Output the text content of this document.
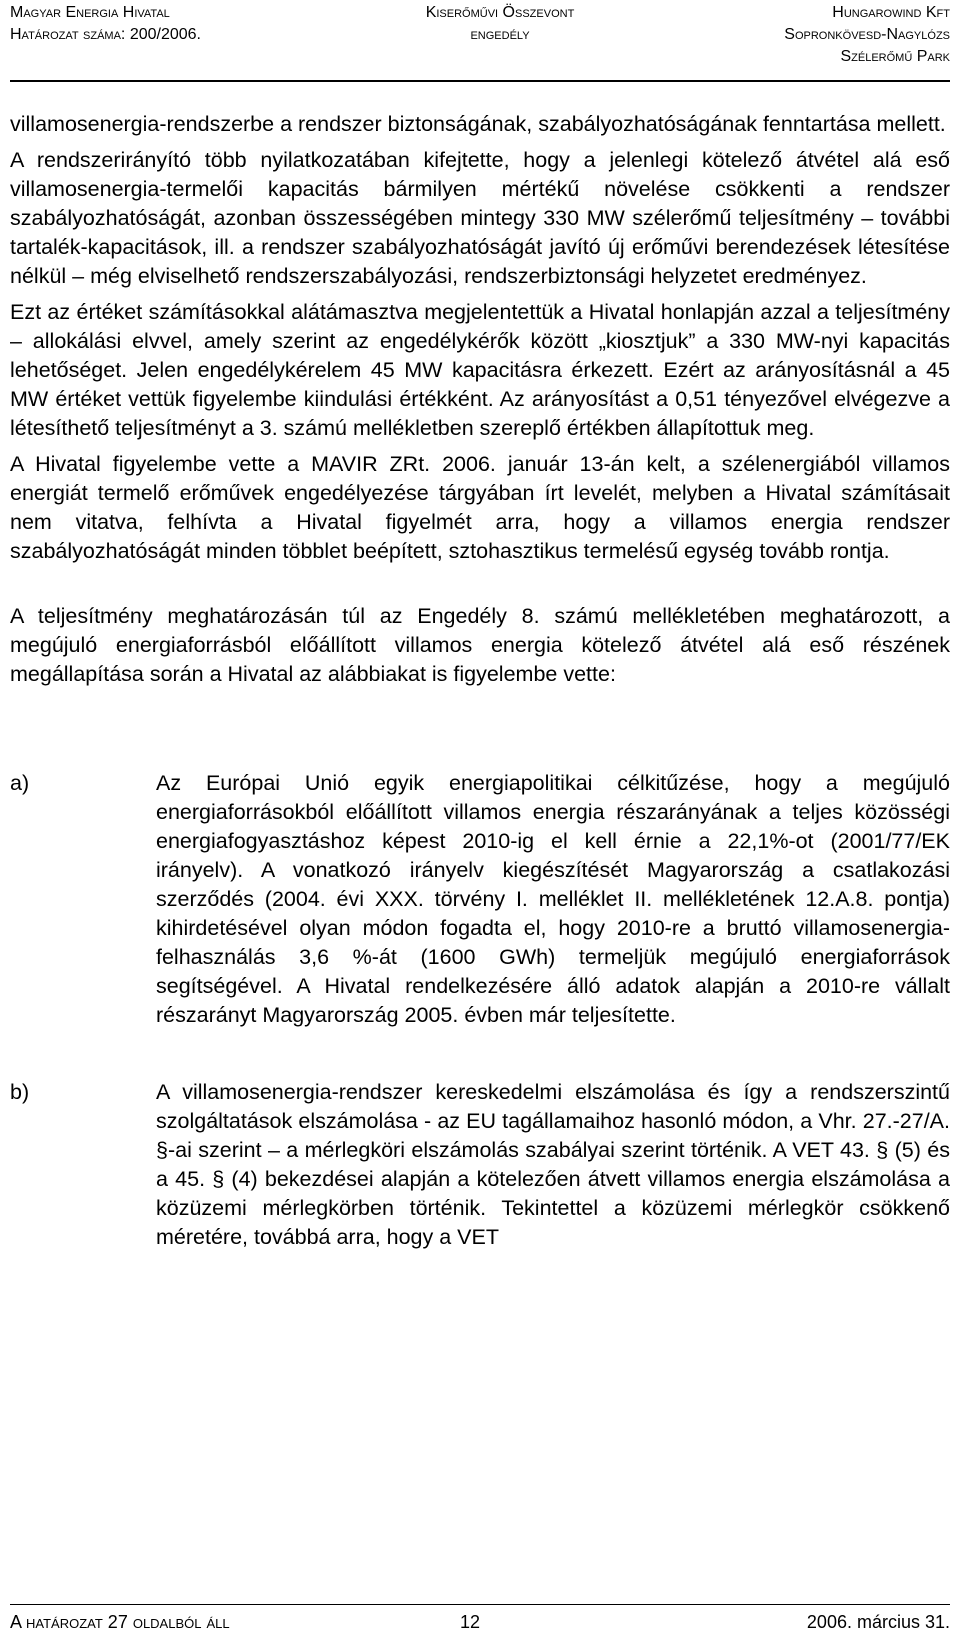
Magyar Energia Hivatal
Határozat száma: 200/2006.
Kiserőművi Összevont
engedély
Hungarowind Kft
Sopronkövesd-Nagylózs
Szélerőmű Park

villamosenergia-rendszerbe a rendszer biztonságának, szabályozhatóságának fenntartása mellett.

A rendszerirányító több nyilatkozatában kifejtette, hogy a jelenlegi kötelező átvétel alá eső villamosenergia-termelői kapacitás bármilyen mértékű növelése csökkenti a rendszer szabályozhatóságát, azonban összességében mintegy 330 MW szélerőmű teljesítmény – további tartalék-kapacitások, ill. a rendszer szabályozhatóságát javító új erőművi berendezések létesítése nélkül – még elviselhető rendszerszabályozási, rendszerbiztonsági helyzetet eredményez.

Ezt az értéket számításokkal alátámasztva megjelentettük a Hivatal honlapján azzal a teljesítmény – allokálási elvvel, amely szerint az engedélykérők között „kiosztjuk” a 330 MW-nyi kapacitás lehetőséget. Jelen engedélykérelem 45 MW kapacitásra érkezett. Ezért az arányosításnál a 45 MW értéket vettük figyelembe kiindulási értékként. Az arányosítást a 0,51 tényezővel elvégezve a létesíthető teljesítményt a 3. számú mellékletben szereplő értékben állapítottuk meg.

A Hivatal figyelembe vette a MAVIR ZRt. 2006. január 13-án kelt, a szélenergiából villamos energiát termelő erőművek engedélyezése tárgyában írt levelét, melyben a Hivatal számításait nem vitatva, felhívta a Hivatal figyelmét arra, hogy a villamos energia rendszer szabályozhatóságát minden többlet beépített, sztohasztikus termelésű egység tovább rontja.

A teljesítmény meghatározásán túl az Engedély 8. számú mellékletében meghatározott, a megújuló energiaforrásból előállított villamos energia kötelező átvétel alá eső részének megállapítása során a Hivatal az alábbiakat is figyelembe vette:

a)	Az Európai Unió egyik energiapolitikai célkitűzése, hogy a megújuló energiaforrásokból előállított villamos energia részarányának a teljes közösségi energiafogyasztáshoz képest 2010-ig el kell érnie a 22,1%-ot (2001/77/EK irányelv). A vonatkozó irányelv kiegészítését Magyarország a csatlakozási szerződés (2004. évi XXX. törvény I. melléklet II. mellékletének 12.A.8. pontja) kihirdetésével olyan módon fogadta el, hogy 2010-re a bruttó villamosenergia-felhasználás 3,6 %-át (1600 GWh) termeljük megújuló energiaforrások segítségével. A Hivatal rendelkezésére álló adatok alapján a 2010-re vállalt részarányt Magyarország 2005. évben már teljesítette.
b)	A villamosenergia-rendszer kereskedelmi elszámolása és így a rendszerszintű szolgáltatások elszámolása - az EU tagállamaihoz hasonló módon, a Vhr. 27.-27/A. §-ai szerint – a mérlegköri elszámolás szabályai szerint történik. A VET 43. § (5) és a 45. § (4) bekezdései alapján a kötelezően átvett villamos energia elszámolása a közüzemi mérlegkörben történik. Tekintettel a közüzemi mérlegkör csökkenő méretére, továbbá arra, hogy a VET
A határozat 27 oldalból áll	12	2006. március 31.
